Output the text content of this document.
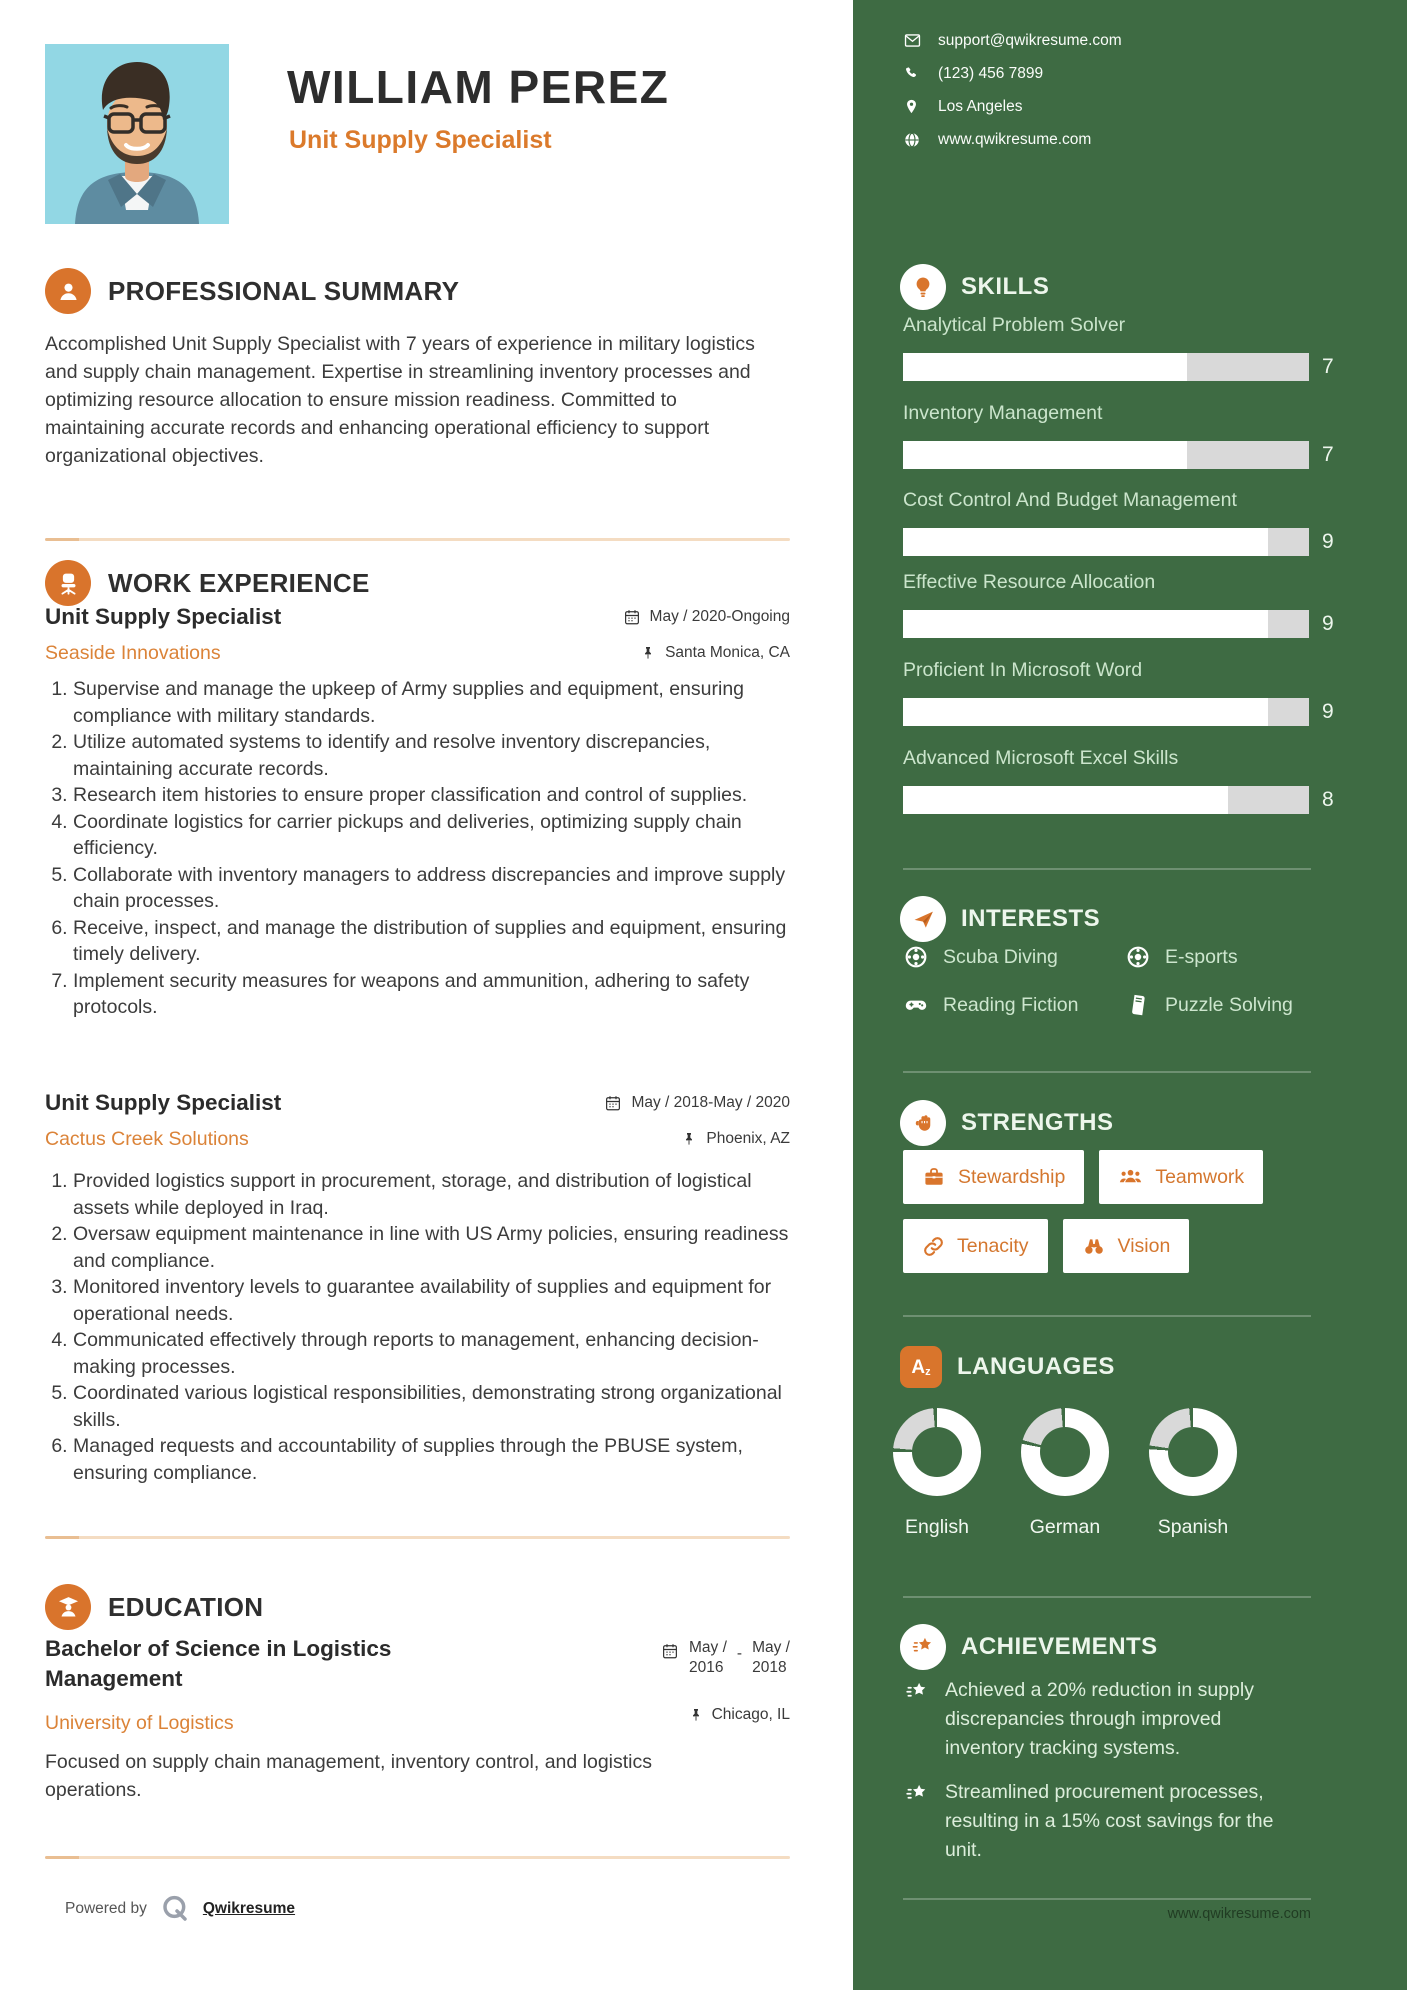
WILLIAM PEREZ
Unit Supply Specialist
PROFESSIONAL SUMMARY
Accomplished Unit Supply Specialist with 7 years of experience in military logistics and supply chain management. Expertise in streamlining inventory processes and optimizing resource allocation to ensure mission readiness. Committed to maintaining accurate records and enhancing operational efficiency to support organizational objectives.
WORK EXPERIENCE
Unit Supply Specialist	May / 2020-Ongoing
Seaside Innovations	Santa Monica, CA
1. Supervise and manage the upkeep of Army supplies and equipment, ensuring compliance with military standards.
2. Utilize automated systems to identify and resolve inventory discrepancies, maintaining accurate records.
3. Research item histories to ensure proper classification and control of supplies.
4. Coordinate logistics for carrier pickups and deliveries, optimizing supply chain efficiency.
5. Collaborate with inventory managers to address discrepancies and improve supply chain processes.
6. Receive, inspect, and manage the distribution of supplies and equipment, ensuring timely delivery.
7. Implement security measures for weapons and ammunition, adhering to safety protocols.
Unit Supply Specialist	May / 2018-May / 2020
Cactus Creek Solutions	Phoenix, AZ
1. Provided logistics support in procurement, storage, and distribution of logistical assets while deployed in Iraq.
2. Oversaw equipment maintenance in line with US Army policies, ensuring readiness and compliance.
3. Monitored inventory levels to guarantee availability of supplies and equipment for operational needs.
4. Communicated effectively through reports to management, enhancing decision-making processes.
5. Coordinated various logistical responsibilities, demonstrating strong organizational skills.
6. Managed requests and accountability of supplies through the PBUSE system, ensuring compliance.
EDUCATION
Bachelor of Science in Logistics Management
May /
2016
- May /
2018
Chicago, IL
University of Logistics
Focused on supply chain management, inventory control, and logistics operations.
Powered by	Qwikresume
support@qwikresume.com
(123) 456 7899
Los Angeles
www.qwikresume.com
SKILLS
Analytical Problem Solver
7
Inventory Management
7
Cost Control And Budget Management
9
Effective Resource Allocation
9
Proficient In Microsoft Word
9
Advanced Microsoft Excel Skills
8
INTERESTS
Scuba Diving	E-sports
Reading Fiction	Puzzle Solving
STRENGTHS
Stewardship	Teamwork
Tenacity	Vision
A z LANGUAGES
English	German	Spanish
ACHIEVEMENTS
Achieved a 20% reduction in supply discrepancies through improved inventory tracking systems.
Streamlined procurement processes, resulting in a 15% cost savings for the unit.
www.qwikresume.com
